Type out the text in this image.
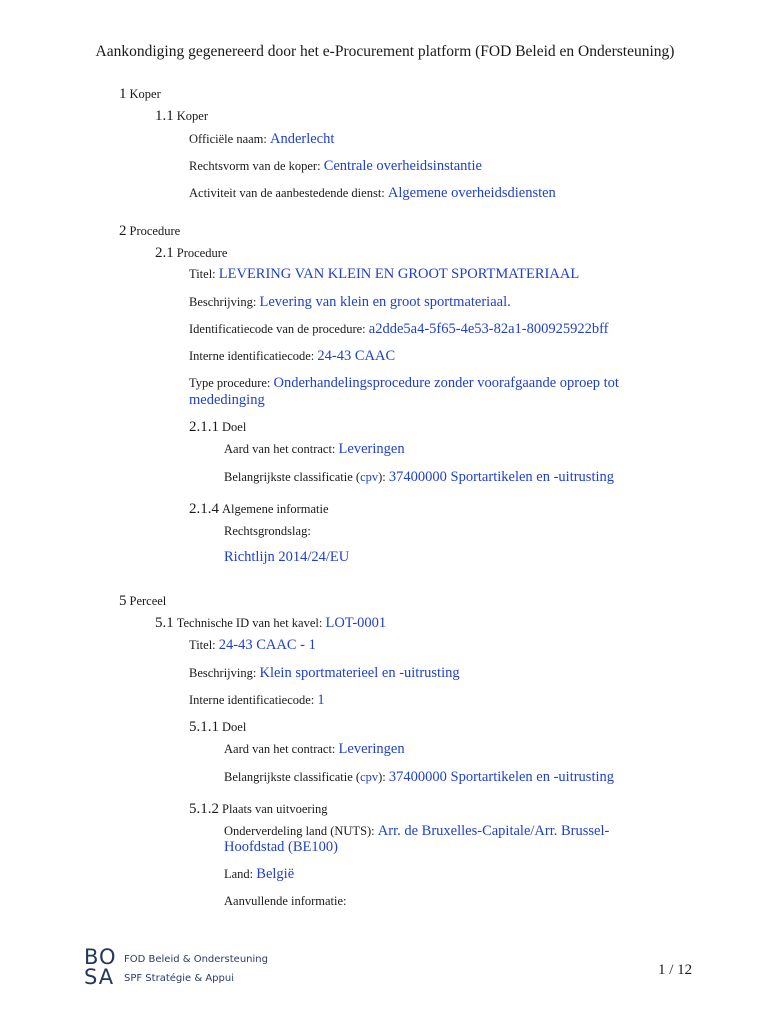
Aankondiging gegenereerd door het e-Procurement platform (FOD Beleid en Ondersteuning)
1 Koper
1.1 Koper
Officiële naam: Anderlecht
Rechtsvorm van de koper: Centrale overheidsinstantie
Activiteit van de aanbestedende dienst: Algemene overheidsdiensten
2 Procedure
2.1 Procedure
Titel: LEVERING VAN KLEIN EN GROOT SPORTMATERIAAL
Beschrijving: Levering van klein en groot sportmateriaal.
Identificatiecode van de procedure: a2dde5a4-5f65-4e53-82a1-800925922bff
Interne identificatiecode: 24-43 CAAC
Type procedure: Onderhandelingsprocedure zonder voorafgaande oproep tot
mededinging
2.1.1 Doel
Aard van het contract: Leveringen
Belangrijkste classificatie (cpv): 37400000 Sportartikelen en -uitrusting
2.1.4 Algemene informatie
Rechtsgrondslag:
Richtlijn 2014/24/EU
5 Perceel
5.1 Technische ID van het kavel: LOT-0001
Titel: 24-43 CAAC - 1
Beschrijving: Klein sportmaterieel en -uitrusting
Interne identificatiecode: 1
5.1.1 Doel
Aard van het contract: Leveringen
Belangrijkste classificatie (cpv): 37400000 Sportartikelen en -uitrusting
5.1.2 Plaats van uitvoering
Onderverdeling land (NUTS): Arr. de Bruxelles-Capitale/Arr. Brussel-
Hoofdstad (BE100)
Land: België
Aanvullende informatie:
BO
SA
FOD Beleid & Ondersteuning
SPF Stratégie & Appui
1 / 12
